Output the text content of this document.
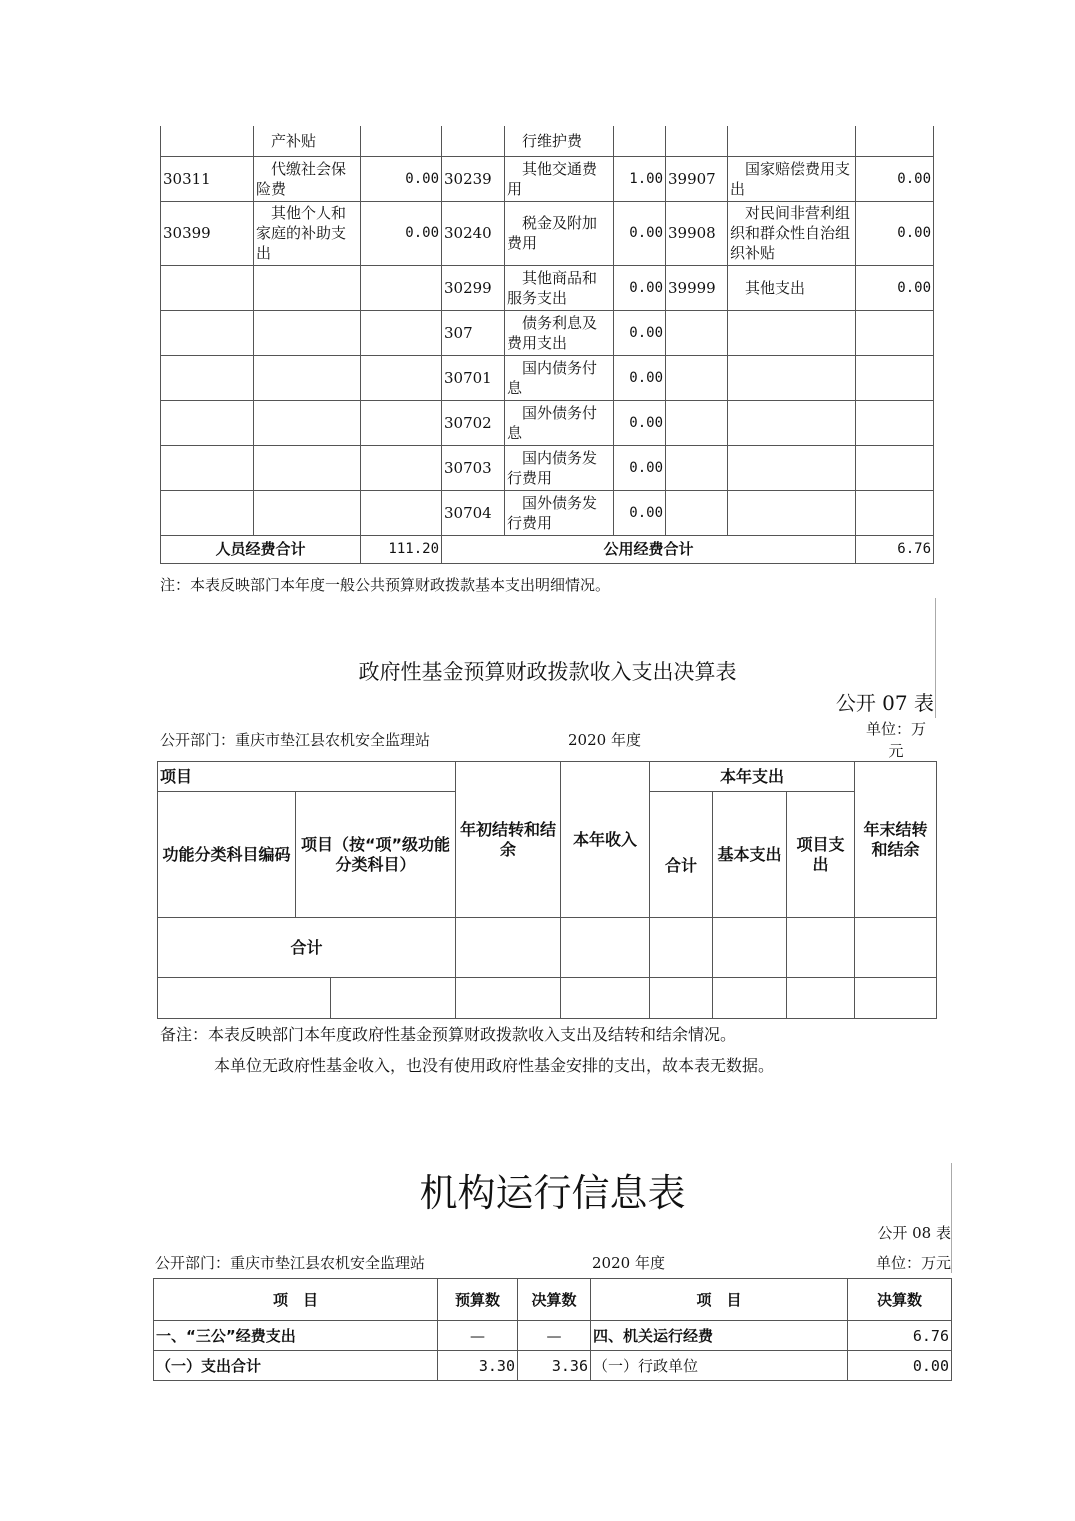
	产补贴			行维护费				
30311	代缴社会保险费	0.00	30239	其他交通费用	1.00	39907	国家赔偿费用支出	0.00
30399	其他个人和家庭的补助支出	0.00	30240	税金及附加费用	0.00	39908	对民间非营利组织和群众性自治组织补贴	0.00
			30299	其他商品和服务支出	0.00	39999	其他支出	0.00
			307	债务利息及费用支出	0.00			
			30701	国内债务付息	0.00			
			30702	国外债务付息	0.00			
			30703	国内债务发行费用	0.00			
			30704	国外债务发行费用	0.00			
人员经费合计		111.20	公用经费合计					6.76
注：本表反映部门本年度一般公共预算财政拨款基本支出明细情况。
政府性基金预算财政拨款收入支出决算表
公开 07 表
公开部门：重庆市垫江县农机安全监理站	2020 年度
单位：万
元
项目			年初结转和结余	本年收入	本年支出			年末结转和结余
功能分类科目编码	项目（按“项”级功能分类科目）				合计	基本支出	项目支出	
合计								

备注：本表反映部门本年度政府性基金预算财政拨款收入支出及结转和结余情况。
本单位无政府性基金收入，也没有使用政府性基金安排的支出，故本表无数据。
机构运行信息表
公开 08 表
公开部门：重庆市垫江县农机安全监理站	2020 年度	单位：万元
项　目	预算数	决算数	项　目	决算数
一、“三公”经费支出	—	—	四、机关运行经费	6.76
（一）支出合计	3.30	3.36	（一）行政单位	0.00
